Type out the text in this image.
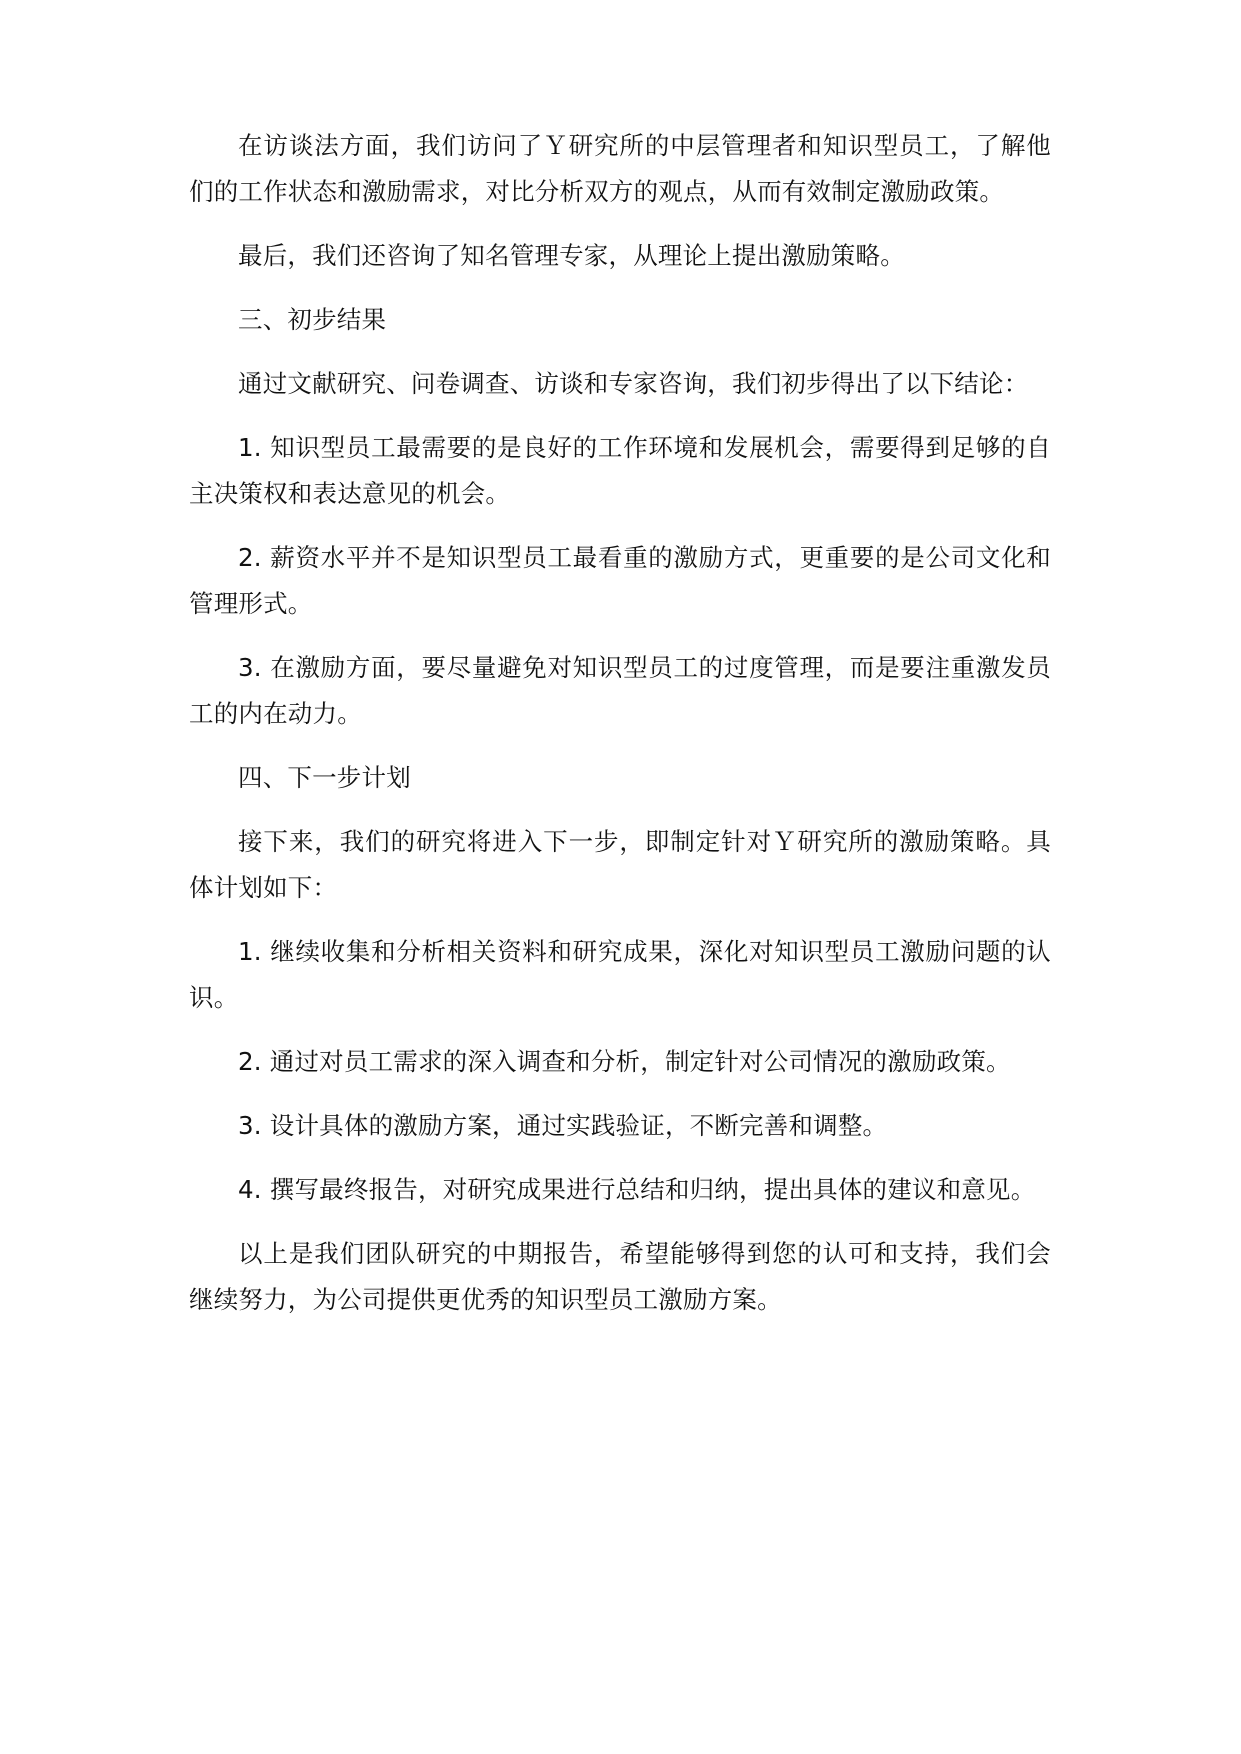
在访谈法方面，我们访问了Ｙ研究所的中层管理者和知识型员工，了解他们的工作状态和激励需求，对比分析双方的观点，从而有效制定激励政策。

最后，我们还咨询了知名管理专家，从理论上提出激励策略。

三、初步结果

通过文献研究、问卷调查、访谈和专家咨询，我们初步得出了以下结论：

1. 知识型员工最需要的是良好的工作环境和发展机会，需要得到足够的自主决策权和表达意见的机会。

2. 薪资水平并不是知识型员工最看重的激励方式，更重要的是公司文化和管理形式。

3. 在激励方面，要尽量避免对知识型员工的过度管理，而是要注重激发员工的内在动力。

四、下一步计划

接下来，我们的研究将进入下一步，即制定针对Ｙ研究所的激励策略。具体计划如下：

1. 继续收集和分析相关资料和研究成果，深化对知识型员工激励问题的认识。

2. 通过对员工需求的深入调查和分析，制定针对公司情况的激励政策。

3. 设计具体的激励方案，通过实践验证，不断完善和调整。

4. 撰写最终报告，对研究成果进行总结和归纳，提出具体的建议和意见。

以上是我们团队研究的中期报告，希望能够得到您的认可和支持，我们会继续努力，为公司提供更优秀的知识型员工激励方案。
